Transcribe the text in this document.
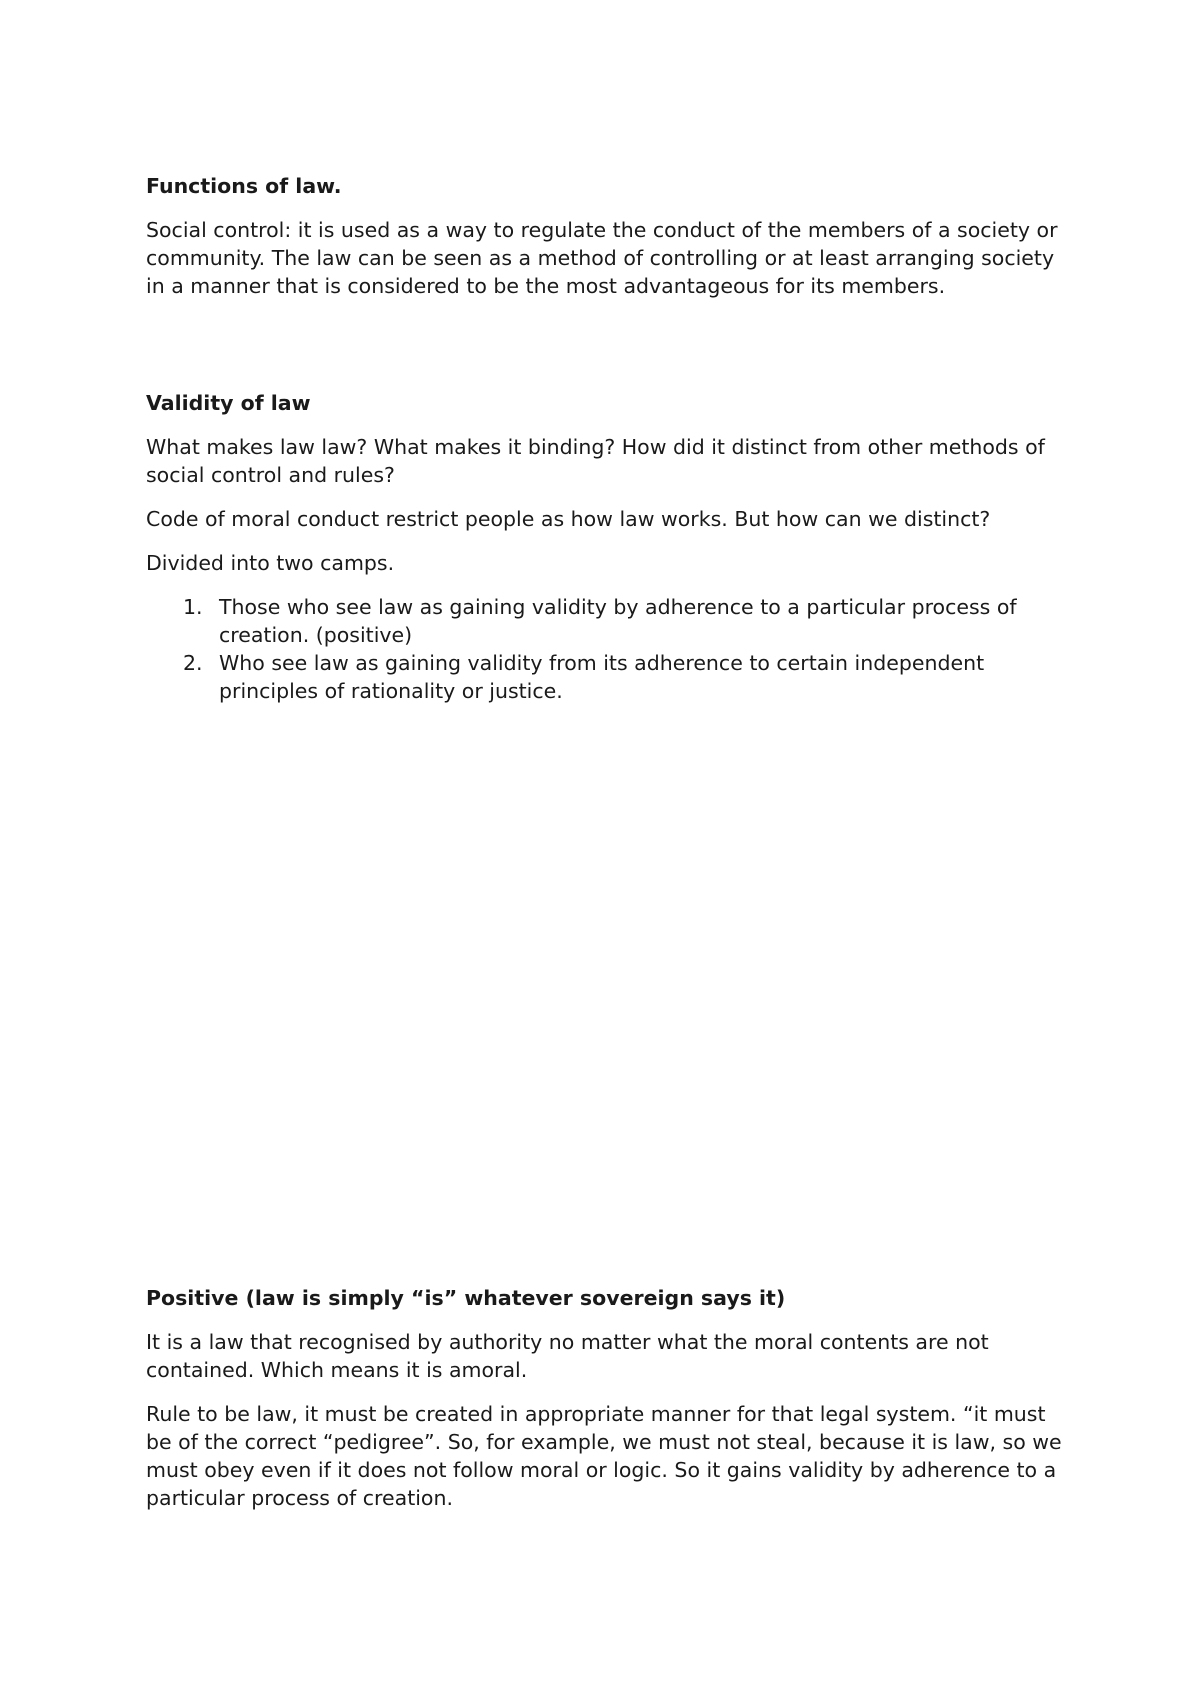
Functions of law.

Social control: it is used as a way to regulate the conduct of the members of a society or community. The law can be seen as a method of controlling or at least arranging society in a manner that is considered to be the most advantageous for its members.

Validity of law

What makes law law? What makes it binding? How did it distinct from other methods of social control and rules?

Code of moral conduct restrict people as how law works. But how can we distinct?

Divided into two camps.

1. Those who see law as gaining validity by adherence to a particular process of creation. (positive)
2. Who see law as gaining validity from its adherence to certain independent principles of rationality or justice.

Positive (law is simply “is” whatever sovereign says it)

It is a law that recognised by authority no matter what the moral contents are not contained. Which means it is amoral.

Rule to be law, it must be created in appropriate manner for that legal system. “it must be of the correct “pedigree”. So, for example, we must not steal, because it is law, so we must obey even if it does not follow moral or logic. So it gains validity by adherence to a particular process of creation.
